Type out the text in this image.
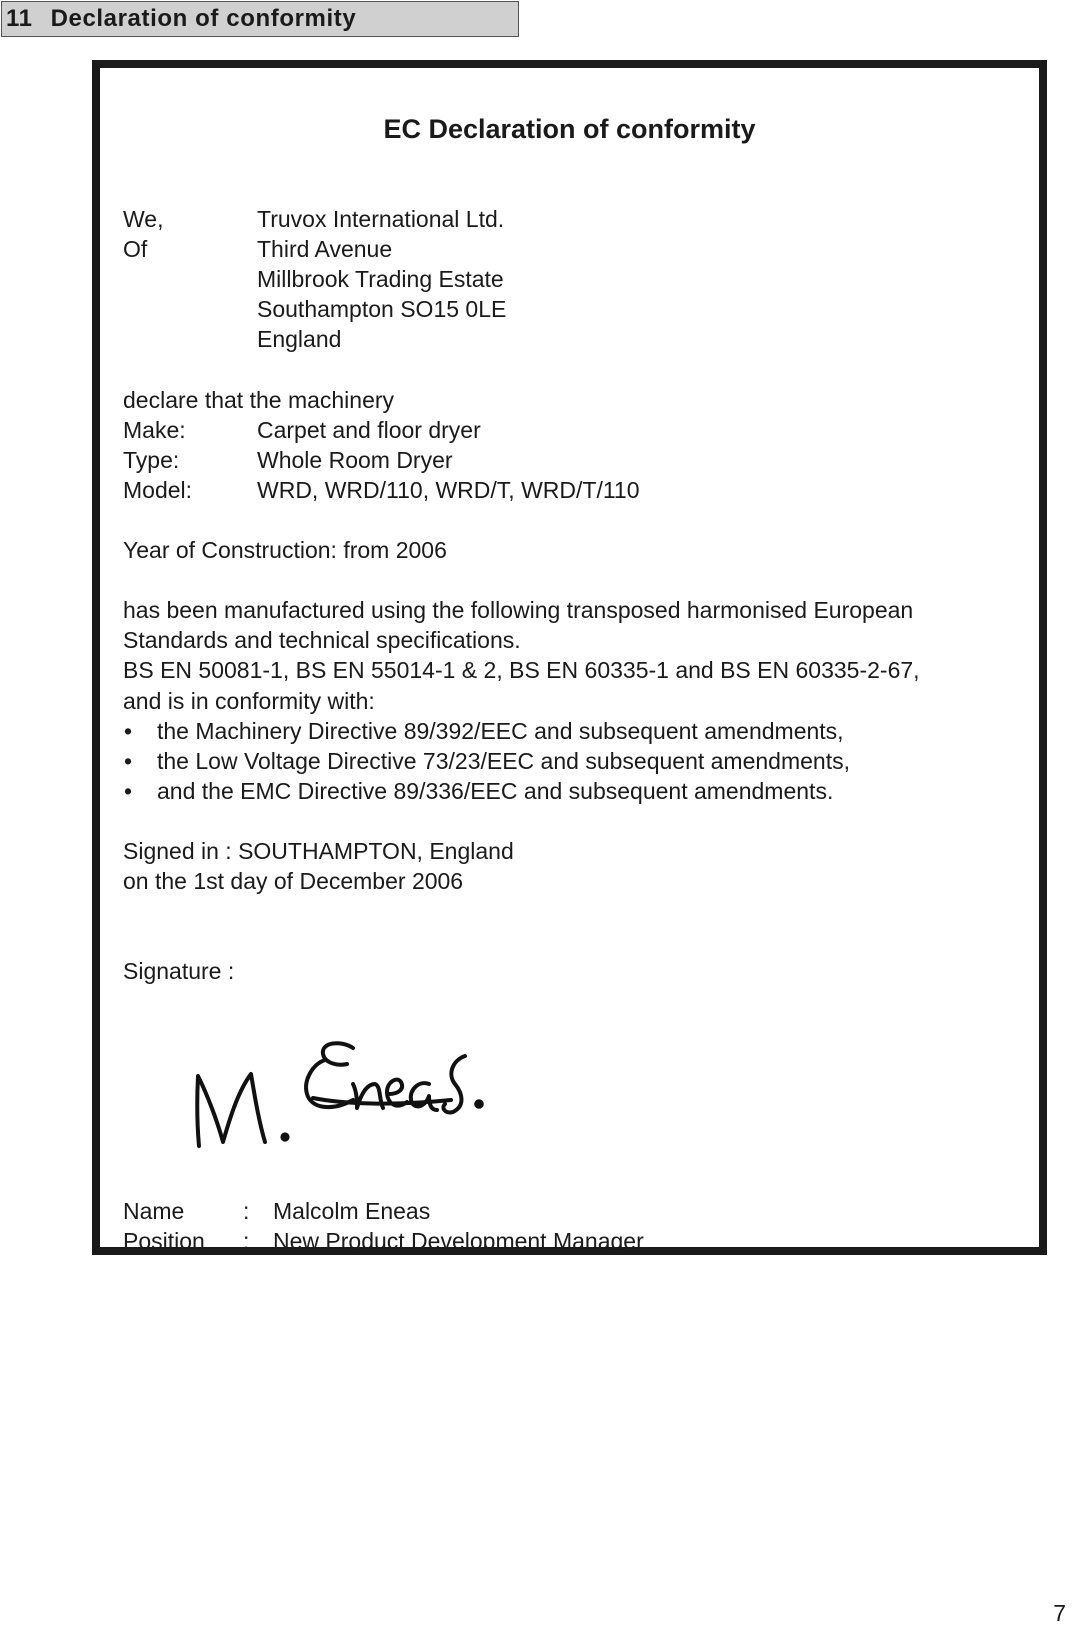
11 Declaration of conformity
EC Declaration of conformity
We,	Truvox International Ltd.
Of	Third Avenue
Millbrook Trading Estate
Southampton SO15 0LE
England
declare that the machinery
Make:	Carpet and floor dryer
Type:	Whole Room Dryer
Model:	WRD, WRD/110, WRD/T, WRD/T/110
Year of Construction: from 2006
has been manufactured using the following transposed harmonised European
Standards and technical specifications.
BS EN 50081-1, BS EN 55014-1 & 2, BS EN 60335-1 and BS EN 60335-2-67,
and is in conformity with:
•	the Machinery Directive 89/392/EEC and subsequent amendments,
•	the Low Voltage Directive 73/23/EEC and subsequent amendments,
•	and the EMC Directive 89/336/EEC and subsequent amendments.
Signed in : SOUTHAMPTON, England
on the 1st day of December 2006
Signature :
Name	:	Malcolm Eneas
Position	:	New Product Development Manager
7
